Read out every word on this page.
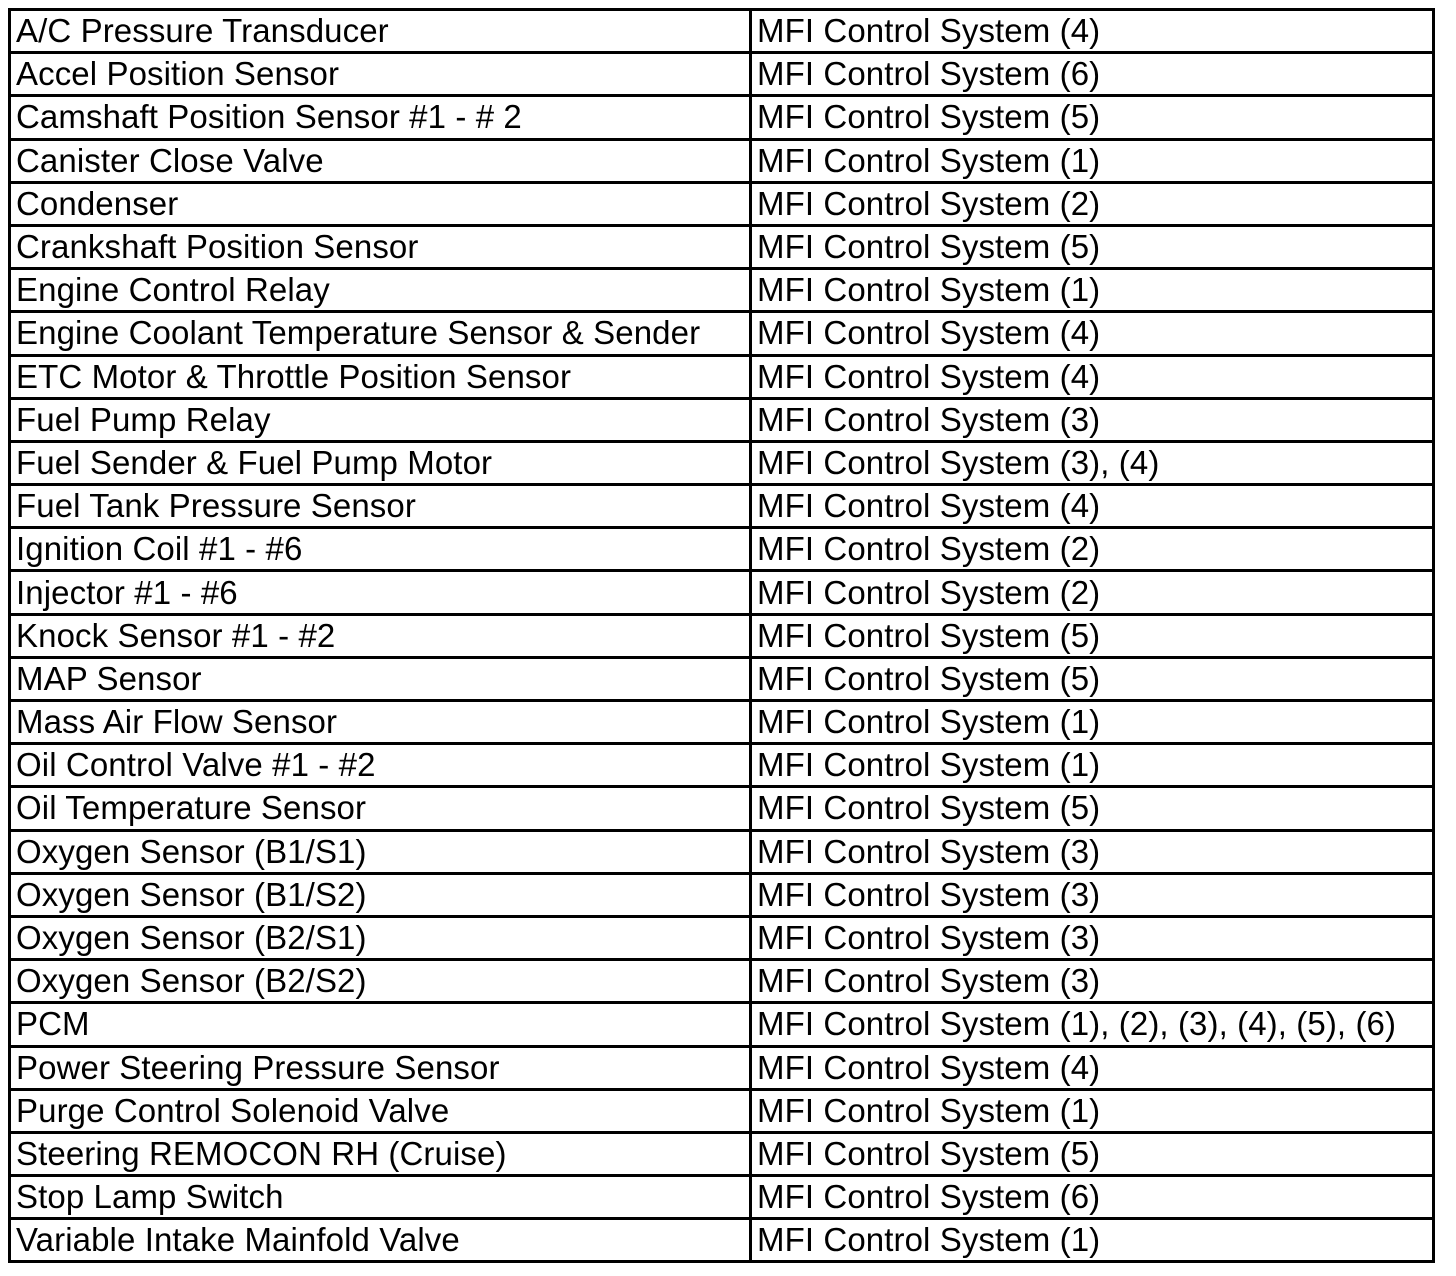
A/C Pressure Transducer	MFI Control System (4)
Accel Position Sensor	MFI Control System (6)
Camshaft Position Sensor #1 - # 2	MFI Control System (5)
Canister Close Valve	MFI Control System (1)
Condenser	MFI Control System (2)
Crankshaft Position Sensor	MFI Control System (5)
Engine Control Relay	MFI Control System (1)
Engine Coolant Temperature Sensor & Sender	MFI Control System (4)
ETC Motor & Throttle Position Sensor	MFI Control System (4)
Fuel Pump Relay	MFI Control System (3)
Fuel Sender & Fuel Pump Motor	MFI Control System (3), (4)
Fuel Tank Pressure Sensor	MFI Control System (4)
Ignition Coil #1 - #6	MFI Control System (2)
Injector #1 - #6	MFI Control System (2)
Knock Sensor #1 - #2	MFI Control System (5)
MAP Sensor	MFI Control System (5)
Mass Air Flow Sensor	MFI Control System (1)
Oil Control Valve #1 - #2	MFI Control System (1)
Oil Temperature Sensor	MFI Control System (5)
Oxygen Sensor (B1/S1)	MFI Control System (3)
Oxygen Sensor (B1/S2)	MFI Control System (3)
Oxygen Sensor (B2/S1)	MFI Control System (3)
Oxygen Sensor (B2/S2)	MFI Control System (3)
PCM	MFI Control System (1), (2), (3), (4), (5), (6)
Power Steering Pressure Sensor	MFI Control System (4)
Purge Control Solenoid Valve	MFI Control System (1)
Steering REMOCON RH (Cruise)	MFI Control System (5)
Stop Lamp Switch	MFI Control System (6)
Variable Intake Mainfold Valve	MFI Control System (1)
